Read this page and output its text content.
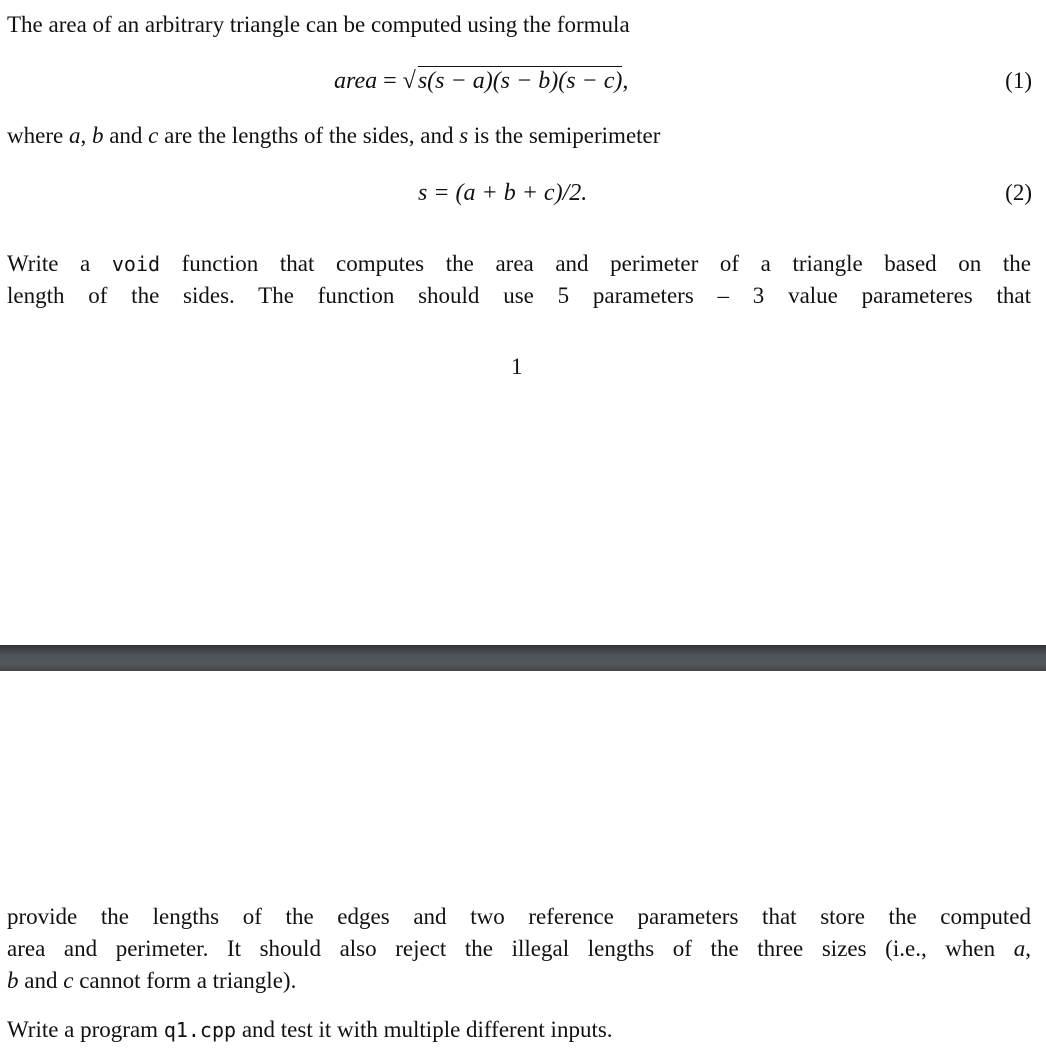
The area of an arbitrary triangle can be computed using the formula
area = √s(s − a)(s − b)(s − c),	(1)
where a, b and c are the lengths of the sides, and s is the semiperimeter
s = (a + b + c)/2.	(2)
Write a void function that computes the area and perimeter of a triangle based on the
length of the sides. The function should use 5 parameters – 3 value parameteres that
1
provide the lengths of the edges and two reference parameters that store the computed
area and perimeter. It should also reject the illegal lengths of the three sizes (i.e., when a,
b and c cannot form a triangle).
Write a program q1.cpp and test it with multiple different inputs.
